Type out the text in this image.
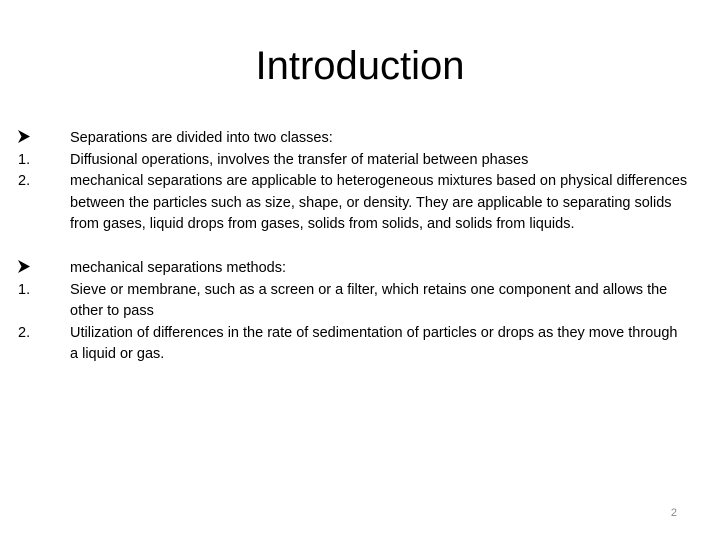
Introduction
Separations are divided into two classes:
1.	Diffusional operations, involves the transfer of material between phases
2.	mechanical separations are applicable to heterogeneous mixtures based on physical differences between the particles such as size, shape, or density. They are applicable to separating solids from gases, liquid drops from gases, solids from solids, and solids from liquids.
mechanical separations methods:
1.	Sieve or membrane, such as a screen or a filter, which retains one component and allows the other to pass
2.	Utilization of differences in the rate of sedimentation of particles or drops as they move through a liquid or gas.
2
